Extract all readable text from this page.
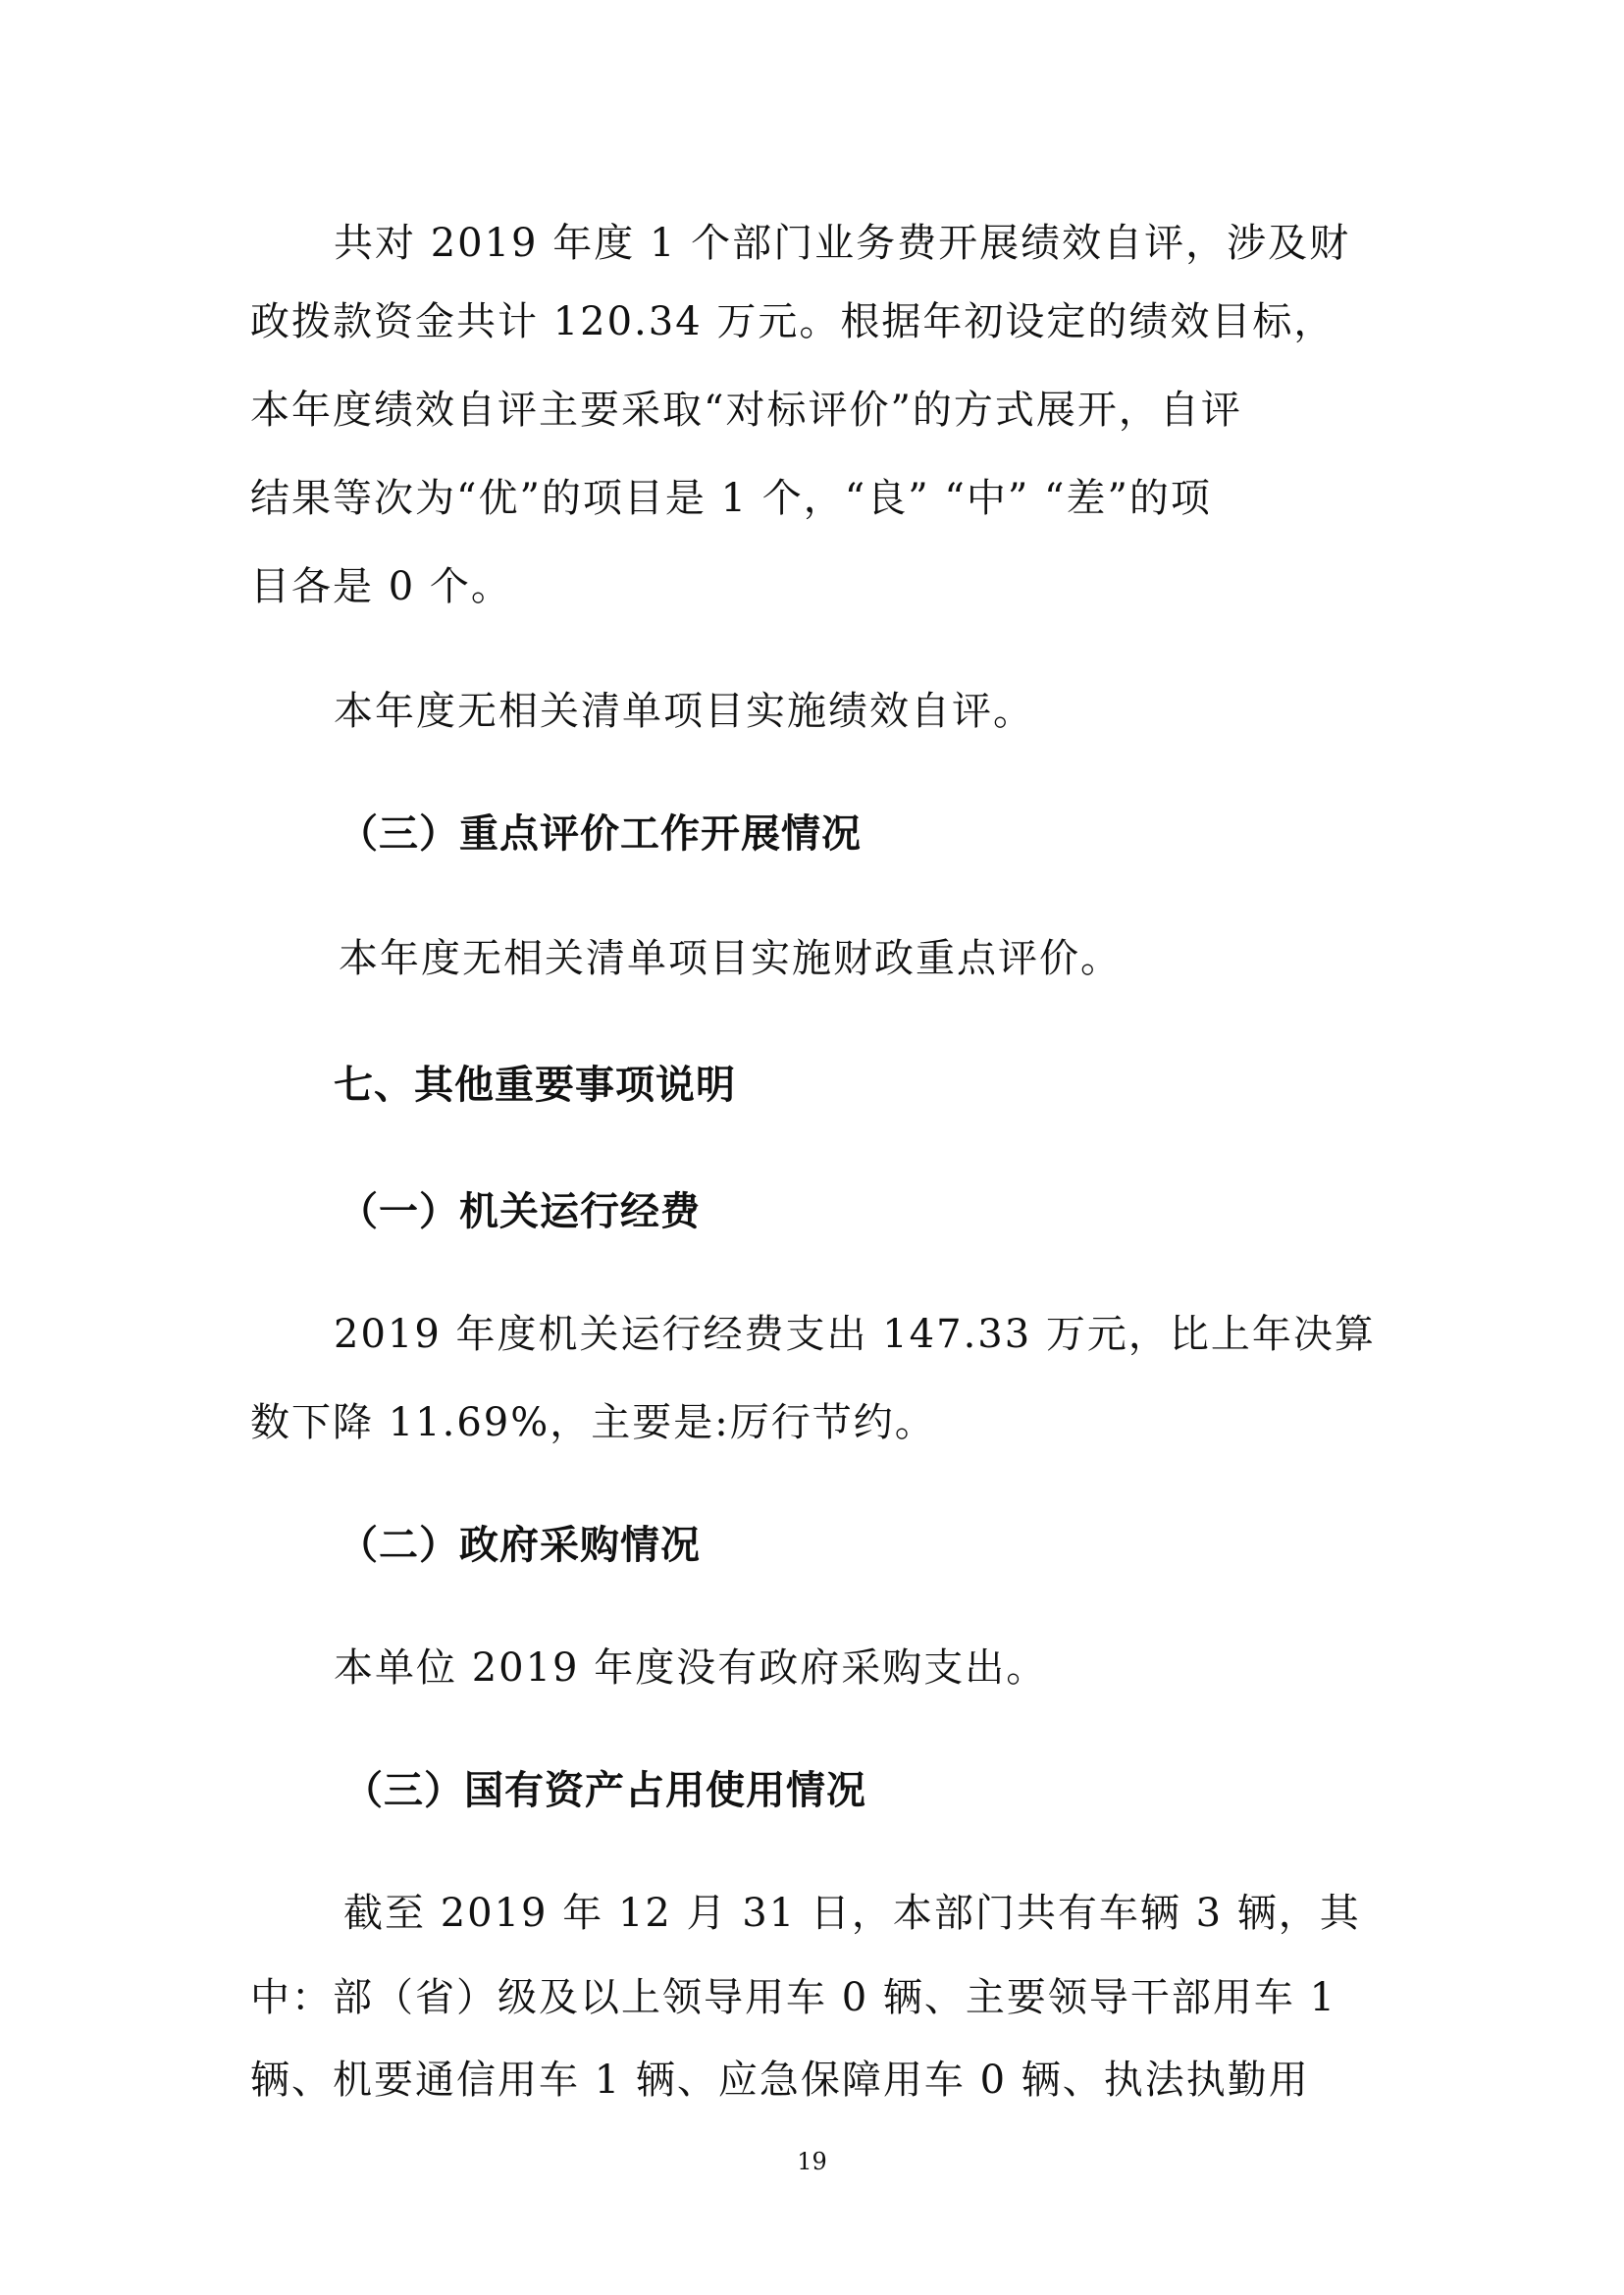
共对 2019 年度 1 个部门业务费开展绩效自评，涉及财
政拨款资金共计 120.34 万元。根据年初设定的绩效目标，
本年度绩效自评主要采取“对标评价”的方式展开，自评
结果等次为“优”的项目是 1 个，“良” “中” “差”的项
目各是 0 个。
本年度无相关清单项目实施绩效自评。
（三）重点评价工作开展情况
本年度无相关清单项目实施财政重点评价。
七、其他重要事项说明
（一）机关运行经费
2019 年度机关运行经费支出 147.33 万元，比上年决算
数下降 11.69%，主要是:厉行节约。
（二）政府采购情况
本单位 2019 年度没有政府采购支出。
（三）国有资产占用使用情况
截至 2019 年 12 月 31 日，本部门共有车辆 3 辆，其
中：部（省）级及以上领导用车 0 辆、主要领导干部用车 1
辆、机要通信用车 1 辆、应急保障用车 0 辆、执法执勤用
19
